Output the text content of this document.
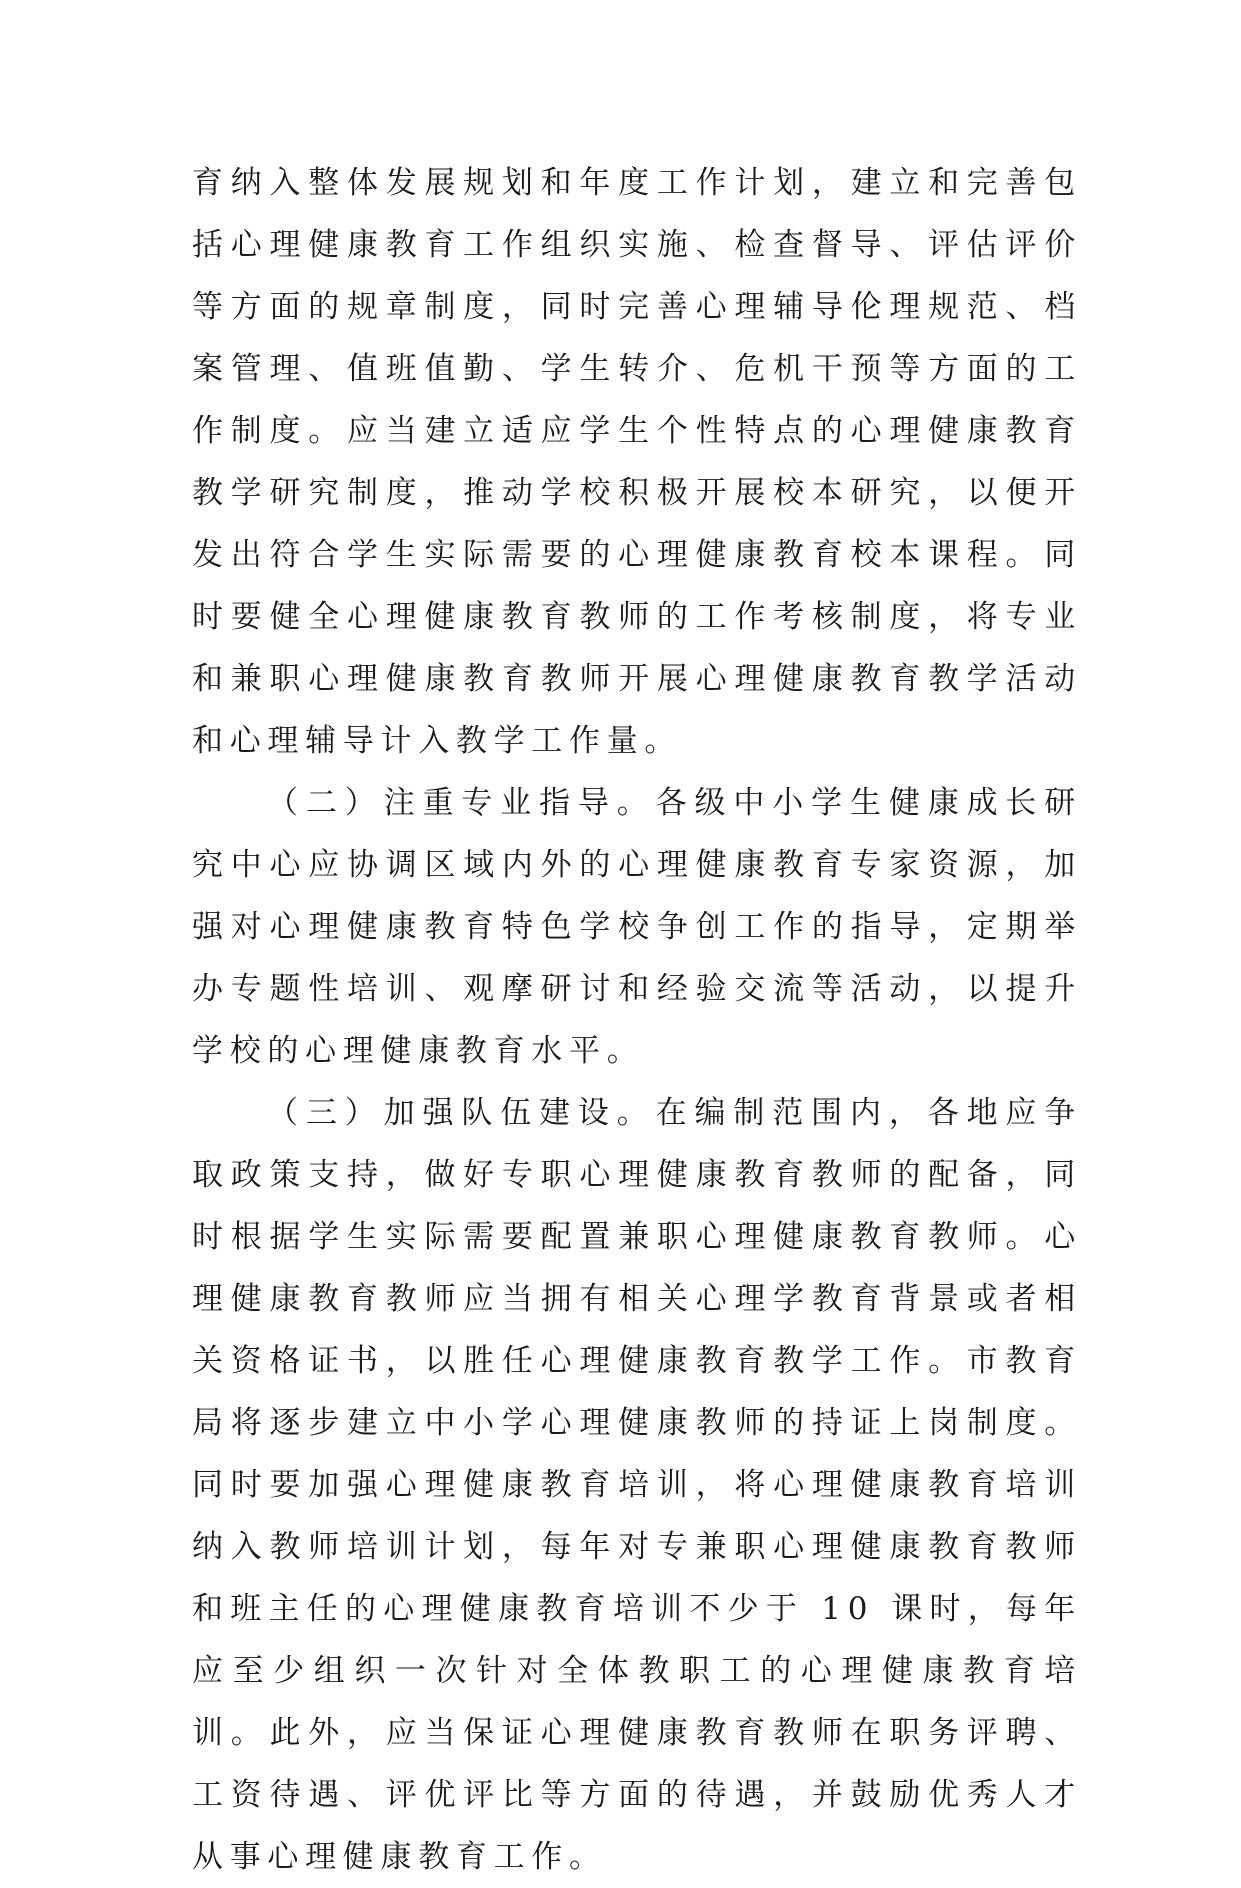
育纳入整体发展规划和年度工作计划，建立和完善包括心理健康教育工作组织实施、检查督导、评估评价等方面的规章制度，同时完善心理辅导伦理规范、档案管理、值班值勤、学生转介、危机干预等方面的工作制度。应当建立适应学生个性特点的心理健康教育教学研究制度，推动学校积极开展校本研究，以便开发出符合学生实际需要的心理健康教育校本课程。同时要健全心理健康教育教师的工作考核制度，将专业和兼职心理健康教育教师开展心理健康教育教学活动和心理辅导计入教学工作量。

（二）注重专业指导。各级中小学生健康成长研究中心应协调区域内外的心理健康教育专家资源，加强对心理健康教育特色学校争创工作的指导，定期举办专题性培训、观摩研讨和经验交流等活动，以提升学校的心理健康教育水平。

（三）加强队伍建设。在编制范围内，各地应争取政策支持，做好专职心理健康教育教师的配备，同时根据学生实际需要配置兼职心理健康教育教师。心理健康教育教师应当拥有相关心理学教育背景或者相关资格证书，以胜任心理健康教育教学工作。市教育局将逐步建立中小学心理健康教师的持证上岗制度。同时要加强心理健康教育培训，将心理健康教育培训纳入教师培训计划，每年对专兼职心理健康教育教师和班主任的心理健康教育培训不少于 10 课时，每年应至少组织一次针对全体教职工的心理健康教育培训。此外，应当保证心理健康教育教师在职务评聘、工资待遇、评优评比等方面的待遇，并鼓励优秀人才从事心理健康教育工作。
